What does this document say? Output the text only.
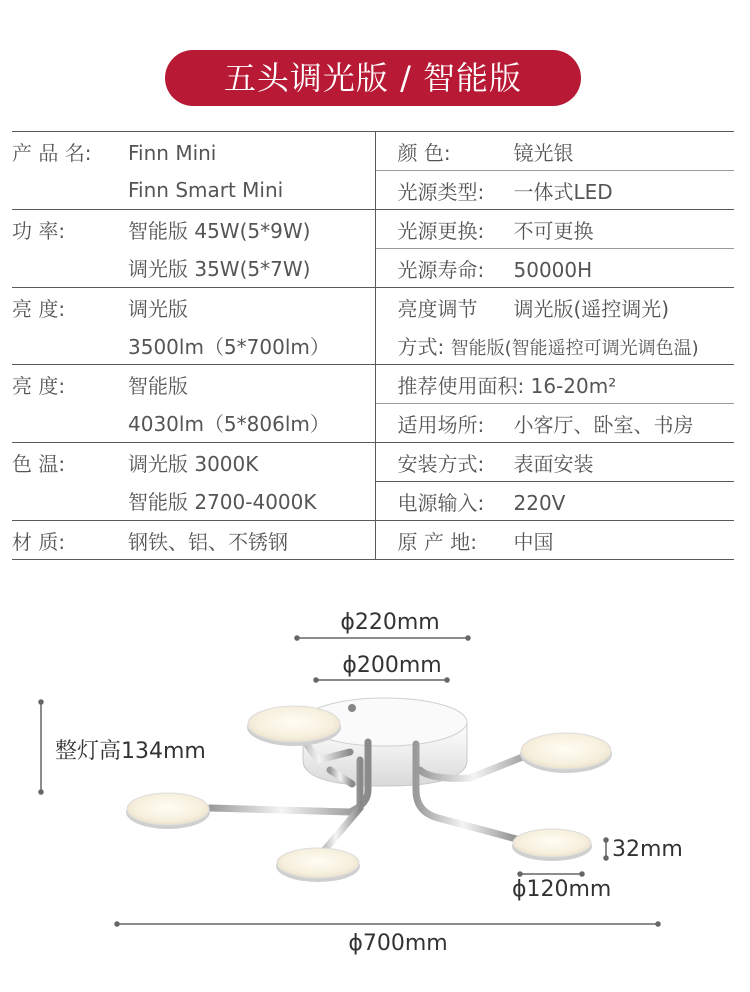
五头调光版 / 智能版
产 品 名: Finn Mini	颜 色: 镜光银
Finn Smart Mini	光源类型: 一体式LED
功 率: 智能版 45W(5*9W)	光源更换: 不可更换
调光版 35W(5*7W)	光源寿命: 50000H
亮 度: 调光版	亮度调节 调光版(遥控调光)
3500lm（5*700lm）	方式: 智能版(智能遥控可调光调色温)
亮 度: 智能版	推荐使用面积: 16-20m²
4030lm（5*806lm）	适用场所: 小客厅、卧室、书房
色 温: 调光版 3000K	安装方式: 表面安装
智能版 2700-4000K	电源输入: 220V
材 质: 钢铁、铝、不锈钢	原 产 地: 中国
ϕ220mm
ϕ200mm
整灯高134mm
32mm
ϕ120mm
ϕ700mm
